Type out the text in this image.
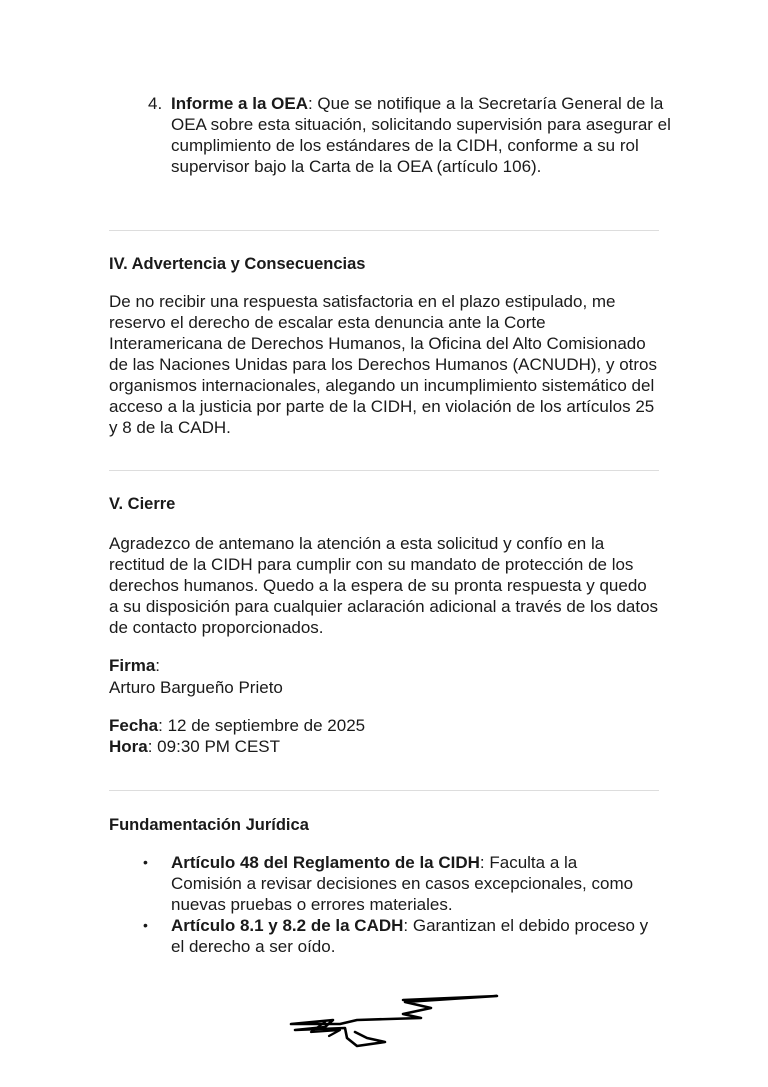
4. Informe a la OEA: Que se notifique a la Secretaría General de la OEA sobre esta situación, solicitando supervisión para asegurar el cumplimiento de los estándares de la CIDH, conforme a su rol supervisor bajo la Carta de la OEA (artículo 106).
IV. Advertencia y Consecuencias
De no recibir una respuesta satisfactoria en el plazo estipulado, me reservo el derecho de escalar esta denuncia ante la Corte Interamericana de Derechos Humanos, la Oficina del Alto Comisionado de las Naciones Unidas para los Derechos Humanos (ACNUDH), y otros organismos internacionales, alegando un incumplimiento sistemático del acceso a la justicia por parte de la CIDH, en violación de los artículos 25 y 8 de la CADH.
V. Cierre
Agradezco de antemano la atención a esta solicitud y confío en la rectitud de la CIDH para cumplir con su mandato de protección de los derechos humanos. Quedo a la espera de su pronta respuesta y quedo a su disposición para cualquier aclaración adicional a través de los datos de contacto proporcionados.
Firma:
Arturo Bargueño Prieto
Fecha: 12 de septiembre de 2025
Hora: 09:30 PM CEST
Fundamentación Jurídica
• Artículo 48 del Reglamento de la CIDH: Faculta a la Comisión a revisar decisiones en casos excepcionales, como nuevas pruebas o errores materiales.
• Artículo 8.1 y 8.2 de la CADH: Garantizan el debido proceso y el derecho a ser oído.
